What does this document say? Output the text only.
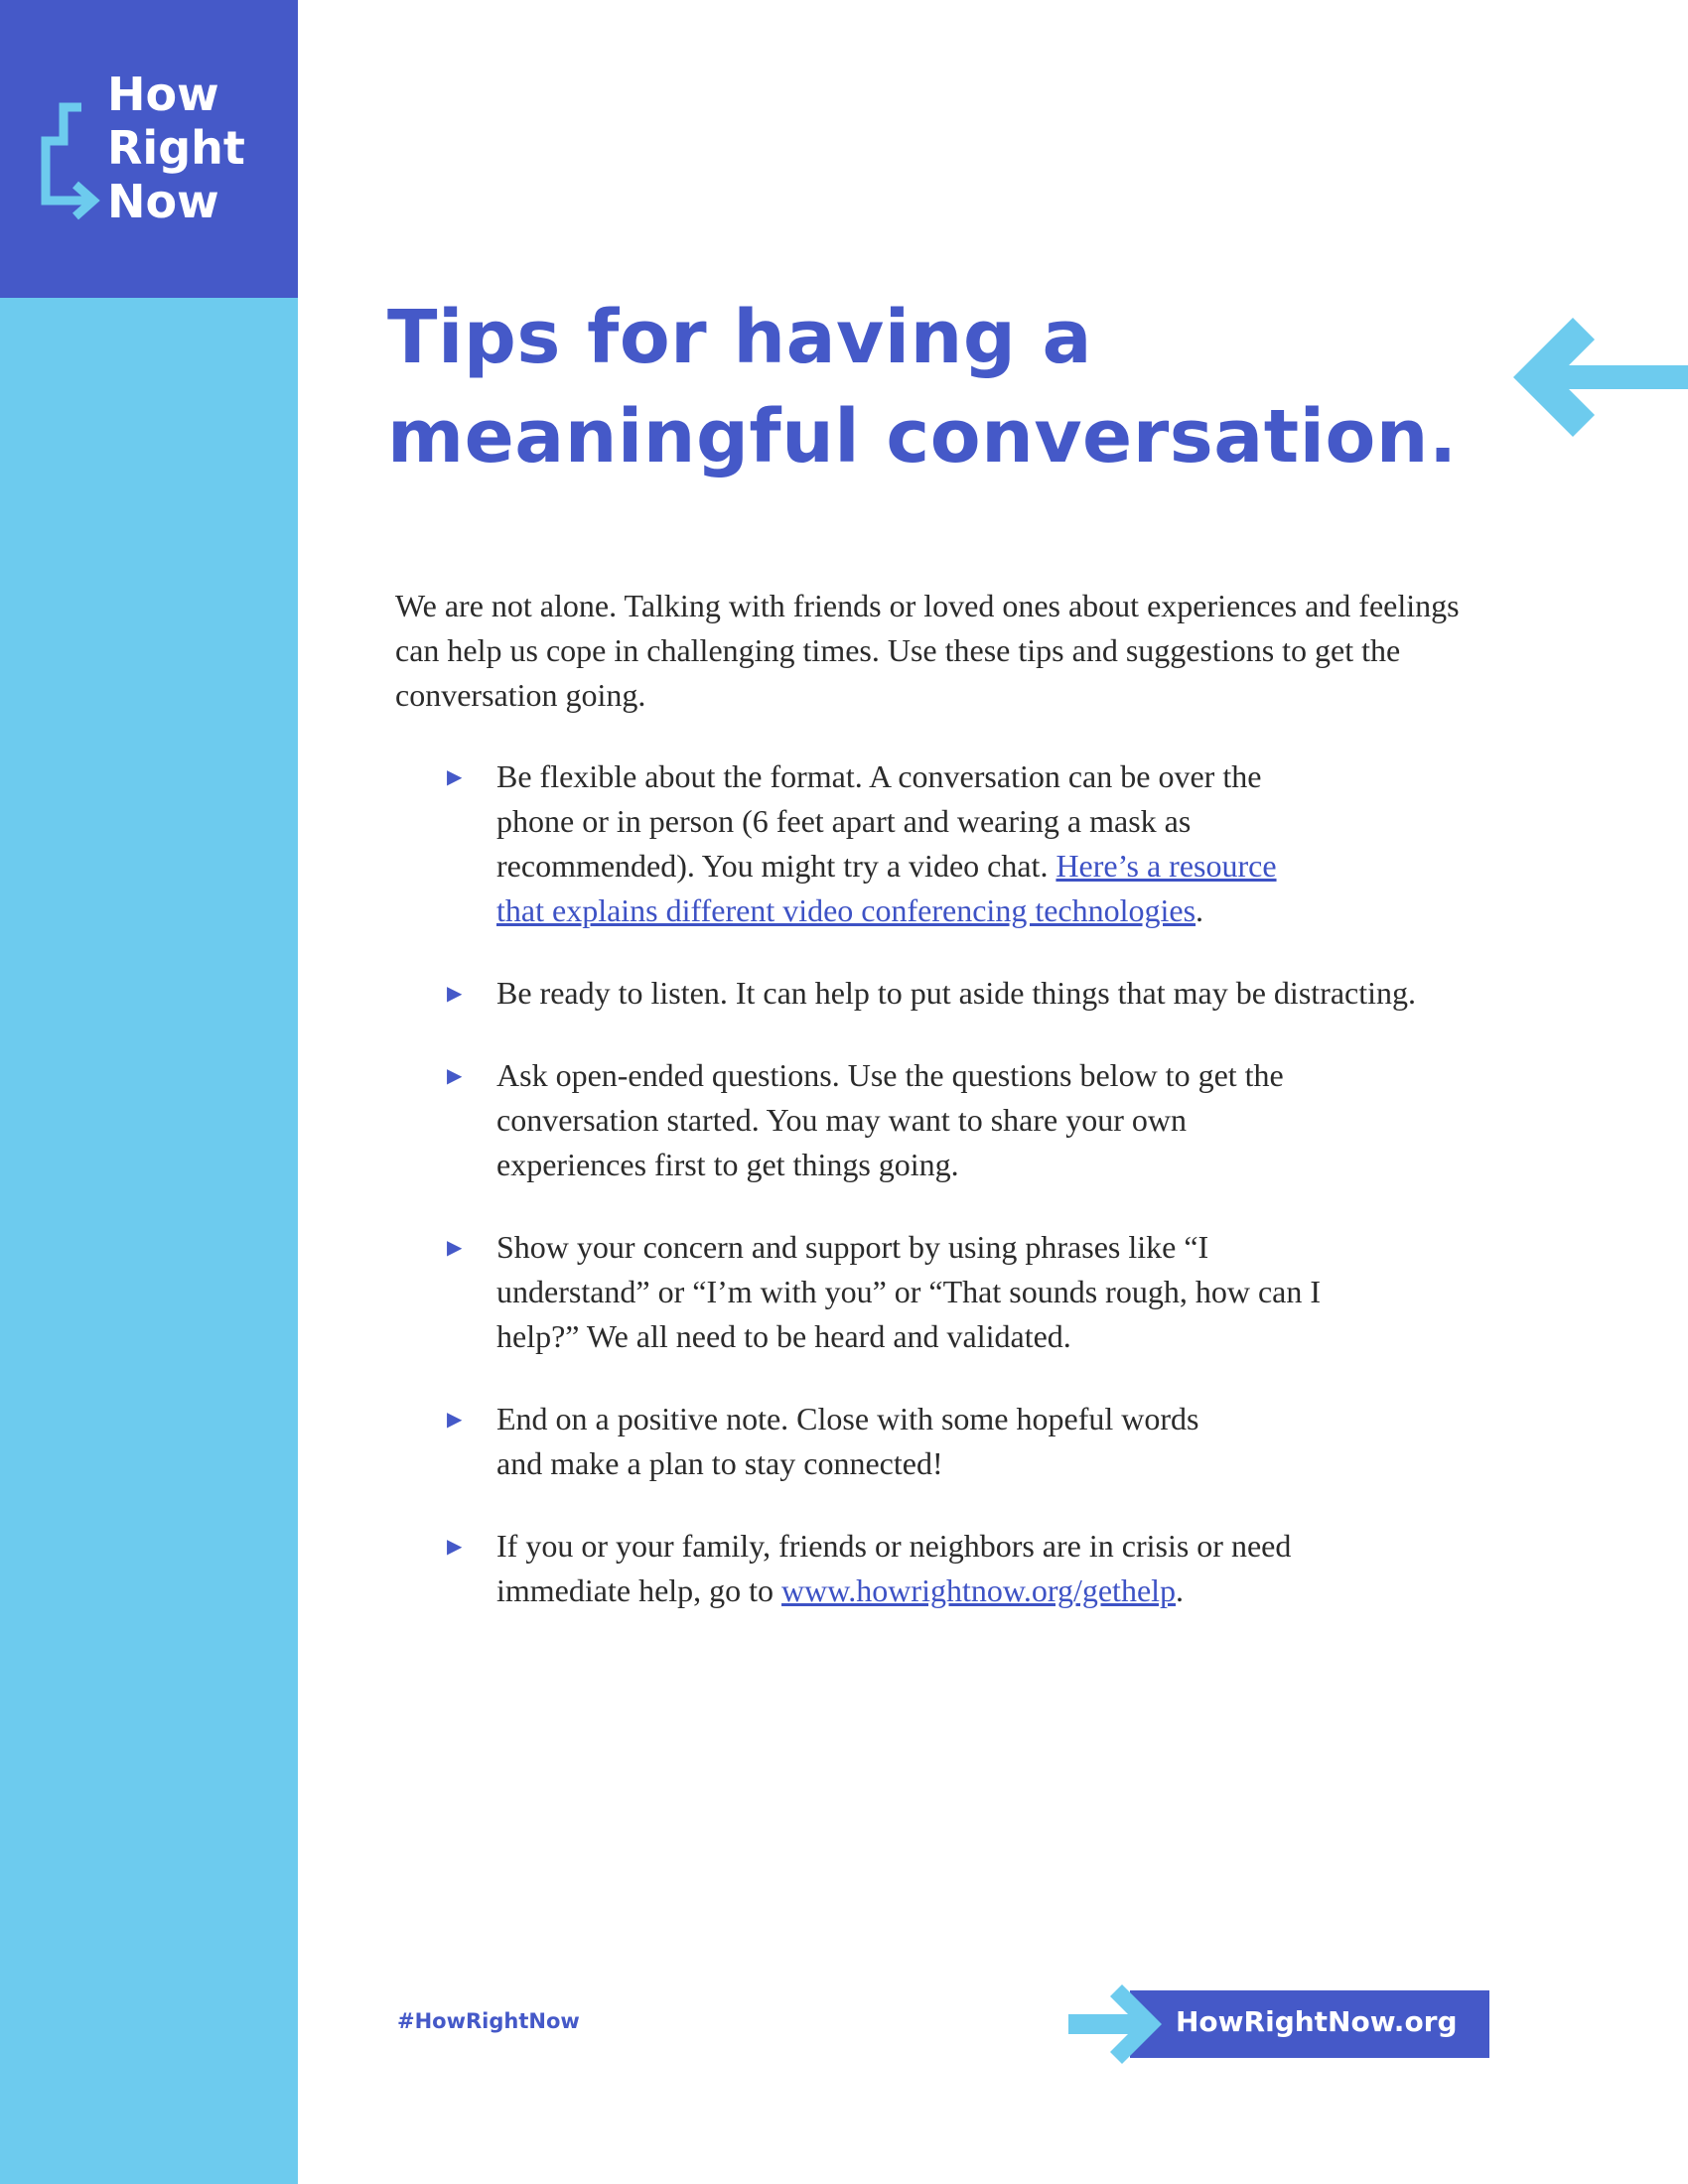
How
Right
Now
Tips for having a
meaningful conversation.

We are not alone. Talking with friends or loved ones about experiences and feelings can help us cope in challenging times. Use these tips and suggestions to get the conversation going.

▶ Be flexible about the format. A conversation can be over the phone or in person (6 feet apart and wearing a mask as recommended). You might try a video chat. Here’s a resource that explains different video conferencing technologies.
▶ Be ready to listen. It can help to put aside things that may be distracting.
▶ Ask open-ended questions. Use the questions below to get the conversation started. You may want to share your own experiences first to get things going.
▶ Show your concern and support by using phrases like “I understand” or “I’m with you” or “That sounds rough, how can I help?” We all need to be heard and validated.
▶ End on a positive note. Close with some hopeful words and make a plan to stay connected!
▶ If you or your family, friends or neighbors are in crisis or need immediate help, go to www.howrightnow.org/gethelp.
#HowRightNow	HowRightNow.org
